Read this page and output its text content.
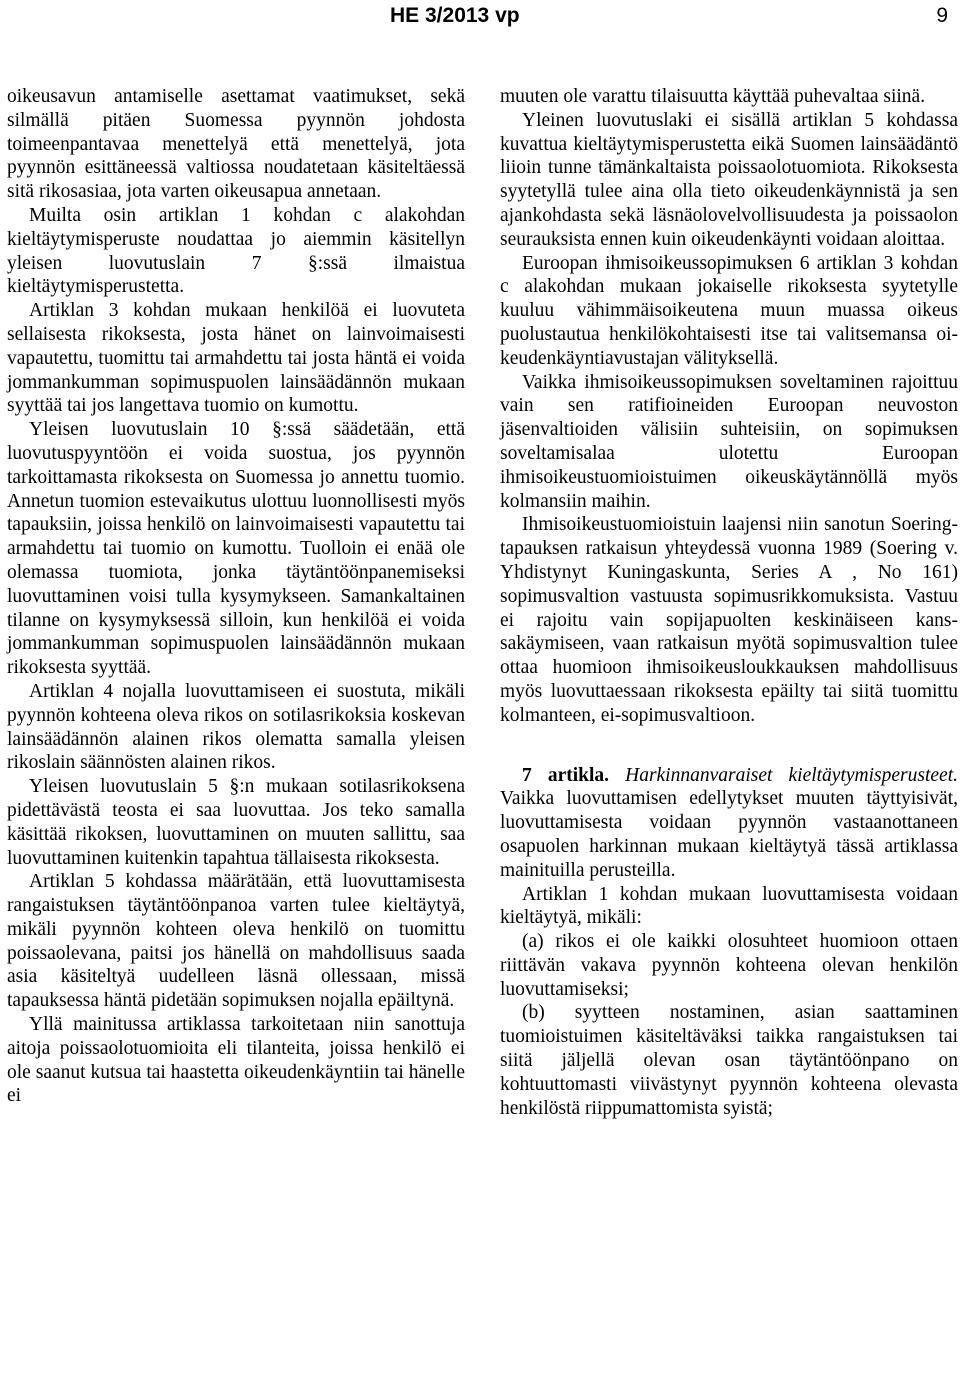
HE 3/2013 vp	9

oikeusavun antamiselle asettamat vaatimukset, sekä silmällä pitäen Suomessa pyynnön johdosta toimeenpantavaa menettelyä että menettelyä, jota pyynnön esittäneessä valtiossa noudatetaan käsiteltäessä sitä rikosasiaa, jota varten oikeusapua annetaan.

Muilta osin artiklan 1 kohdan c alakohdan kieltäytymisperuste noudattaa jo aiemmin käsitellyn yleisen luovutuslain 7 §:ssä ilmaistua kieltäytymisperustetta.

Artiklan 3 kohdan mukaan henkilöä ei luovuteta sellaisesta rikoksesta, josta hänet on lainvoimaisesti vapautettu, tuomittu tai armahdettu tai josta häntä ei voida jommankumman sopimuspuolen lainsäädännön mukaan syyttää tai jos langettava tuomio on kumottu.

Yleisen luovutuslain 10 §:ssä säädetään, että luovutuspyyntöön ei voida suostua, jos pyynnön tarkoittamasta rikoksesta on Suomessa jo annettu tuomio. Annetun tuomion estevaikutus ulottuu luonnollisesti myös tapauksiin, joissa henkilö on lainvoimaisesti vapautettu tai armahdettu tai tuomio on kumottu. Tuolloin ei enää ole olemassa tuomiota, jonka täytäntöönpanemiseksi luovuttaminen voisi tulla kysymykseen. Samankaltainen tilanne on kysymyksessä silloin, kun henkilöä ei voida jommankumman sopimuspuolen lainsäädännön mukaan rikoksesta syyttää.

Artiklan 4 nojalla luovuttamiseen ei suostuta, mikäli pyynnön kohteena oleva rikos on sotilasrikoksia koskevan lainsäädännön alainen rikos olematta samalla yleisen rikoslain säännösten alainen rikos.

Yleisen luovutuslain 5 §:n mukaan sotilasrikoksena pidettävästä teosta ei saa luovuttaa. Jos teko samalla käsittää rikoksen, luovuttaminen on muuten sallittu, saa luovuttaminen kuitenkin tapahtua tällaisesta rikoksesta.

Artiklan 5 kohdassa määrätään, että luovuttamisesta rangaistuksen täytäntöönpanoa varten tulee kieltäytyä, mikäli pyynnön kohteen oleva henkilö on tuomittu poissaolevana, paitsi jos hänellä on mahdollisuus saada asia käsiteltyä uudelleen läsnä ollessaan, missä tapauksessa häntä pidetään sopimuksen nojalla epäiltynä.

Yllä mainitussa artiklassa tarkoitetaan niin sanottuja aitoja poissaolotuomioita eli tilanteita, joissa henkilö ei ole saanut kutsua tai haastetta oikeudenkäyntiin tai hänelle ei

muuten ole varattu tilaisuutta käyttää puhevaltaa siinä.

Yleinen luovutuslaki ei sisällä artiklan 5 kohdassa kuvattua kieltäytymisperustetta eikä Suomen lainsäädäntö liioin tunne tämänkaltaista poissaolotuomiota. Rikoksesta syytetyllä tulee aina olla tieto oikeudenkäynnistä ja sen ajankohdasta sekä läsnäolovelvollisuudesta ja poissaolon seurauksista ennen kuin oikeudenkäynti voidaan aloittaa.

Euroopan ihmisoikeussopimuksen 6 artiklan 3 kohdan c alakohdan mukaan jokaiselle rikoksesta syytetylle kuuluu vähimmäisoikeutena muun muassa oikeus puolustautua henkilökohtaisesti itse tai valitsemansa oikeudenkäyntiavustajan välityksellä.

Vaikka ihmisoikeussopimuksen soveltaminen rajoittuu vain sen ratifioineiden Euroopan neuvoston jäsenvaltioiden välisiin suhteisiin, on sopimuksen soveltamisalaa ulotettu Euroopan ihmisoikeustuomioistuimen oikeuskäytännöllä myös kolmansiin maihin.

Ihmisoikeustuomioistuin laajensi niin sanotun Soering-tapauksen ratkaisun yhteydessä vuonna 1989 (Soering v. Yhdistynyt Kuningaskunta, Series A , No 161) sopimusvaltion vastuusta sopimusrikkomuksista. Vastuu ei rajoitu vain sopijapuolten keskinäiseen kanssakäymiseen, vaan ratkaisun myötä sopimusvaltion tulee ottaa huomioon ihmisoikeusloukkauksen mahdollisuus myös luovuttaessaan rikoksesta epäilty tai siitä tuomittu kolmanteen, ei-sopimusvaltioon.

7 artikla. Harkinnanvaraiset kieltäytymisperusteet. Vaikka luovuttamisen edellytykset muuten täyttyisivät, luovuttamisesta voidaan pyynnön vastaanottaneen osapuolen harkinnan mukaan kieltäytyä tässä artiklassa mainituilla perusteilla.

Artiklan 1 kohdan mukaan luovuttamisesta voidaan kieltäytyä, mikäli:

(a) rikos ei ole kaikki olosuhteet huomioon ottaen riittävän vakava pyynnön kohteena olevan henkilön luovuttamiseksi;

(b) syytteen nostaminen, asian saattaminen tuomioistuimen käsiteltäväksi taikka rangaistuksen tai siitä jäljellä olevan osan täytäntöönpano on kohtuuttomasti viivästynyt pyynnön kohteena olevasta henkilöstä riippumattomista syistä;
